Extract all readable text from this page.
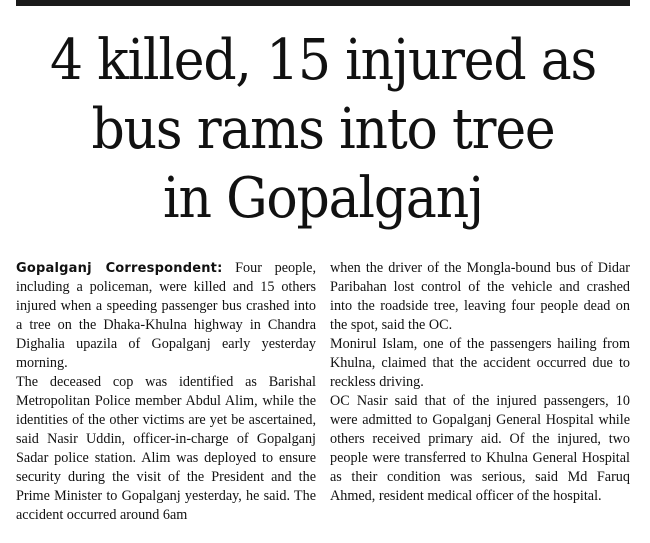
4 killed, 15 injured as
bus rams into tree
in Gopalganj

Gopalganj Correspondent: Four people, including a policeman, were killed and 15 others injured when a speeding passenger bus crashed into a tree on the Dhaka-Khulna highway in Chandra Dighalia upazila of Gopalganj early yesterday morning.

The deceased cop was identified as Barishal Metropolitan Police member Abdul Alim, while the identities of the other victims are yet be ascertained, said Nasir Uddin, officer-in-charge of Gopalganj Sadar police station. Alim was deployed to ensure security during the visit of the President and the Prime Minister to Gopalganj yesterday, he said. The accident occurred around 6am

when the driver of the Mongla-bound bus of Didar Paribahan lost control of the vehicle and crashed into the roadside tree, leaving four people dead on the spot, said the OC.

Monirul Islam, one of the passengers hailing from Khulna, claimed that the accident occurred due to reckless driving.

OC Nasir said that of the injured passengers, 10 were admitted to Gopalganj General Hospital while others received primary aid. Of the injured, two people were transferred to Khulna General Hospital as their condition was serious, said Md Faruq Ahmed, resident medical officer of the hospital.
